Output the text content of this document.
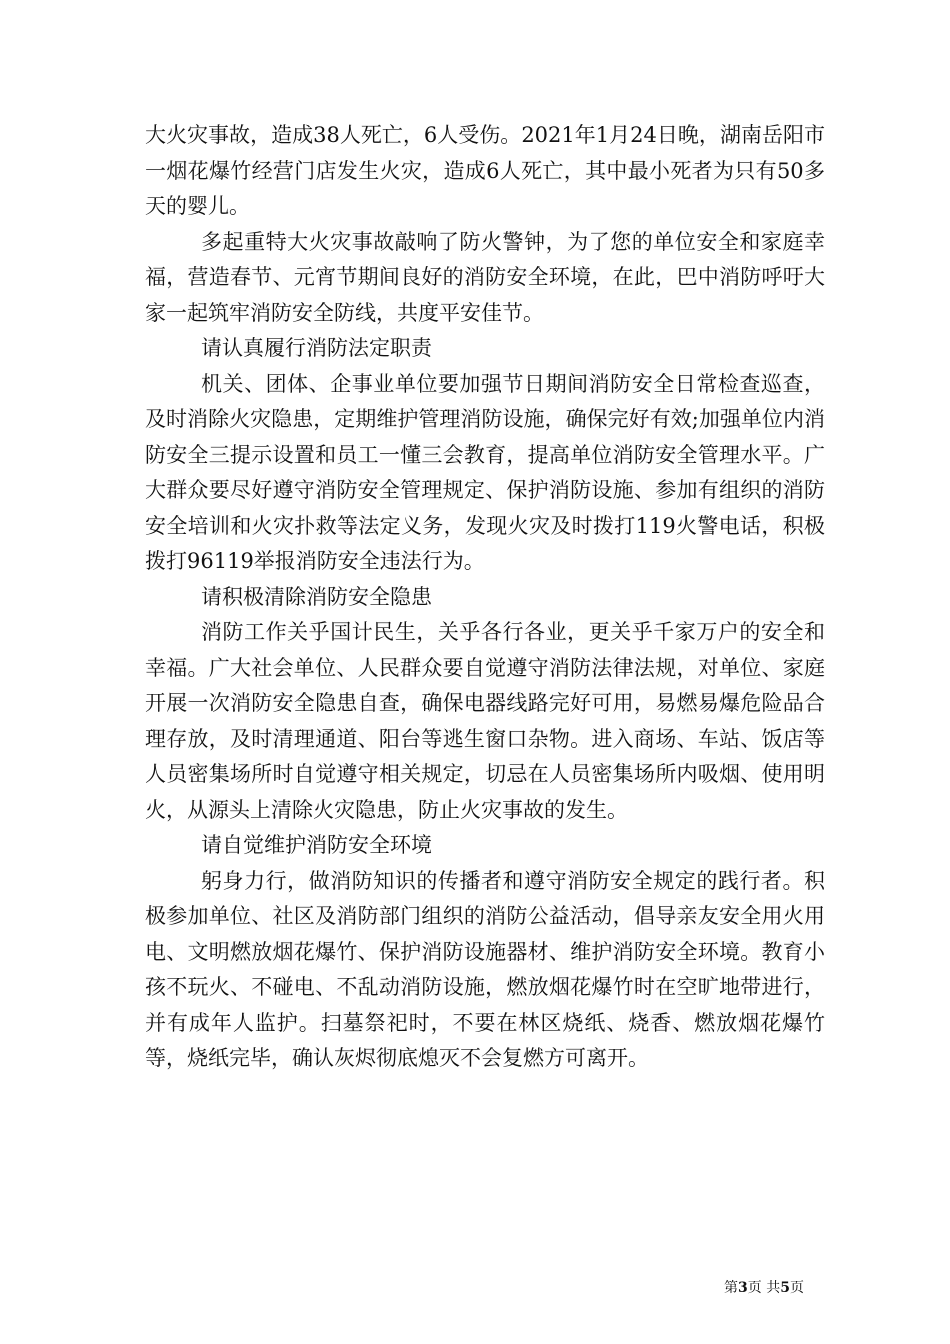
大火灾事故，造成38人死亡，6人受伤。2021年1月24日晚，湖南岳阳市一烟花爆竹经营门店发生火灾，造成6人死亡，其中最小死者为只有50多天的婴儿。

多起重特大火灾事故敲响了防火警钟，为了您的单位安全和家庭幸福，营造春节、元宵节期间良好的消防安全环境，在此，巴中消防呼吁大家一起筑牢消防安全防线，共度平安佳节。

请认真履行消防法定职责

机关、团体、企事业单位要加强节日期间消防安全日常检查巡查，及时消除火灾隐患，定期维护管理消防设施，确保完好有效;加强单位内消防安全三提示设置和员工一懂三会教育，提高单位消防安全管理水平。广大群众要尽好遵守消防安全管理规定、保护消防设施、参加有组织的消防安全培训和火灾扑救等法定义务，发现火灾及时拨打119火警电话，积极拨打96119举报消防安全违法行为。

请积极清除消防安全隐患

消防工作关乎国计民生，关乎各行各业，更关乎千家万户的安全和幸福。广大社会单位、人民群众要自觉遵守消防法律法规，对单位、家庭开展一次消防安全隐患自查，确保电器线路完好可用，易燃易爆危险品合理存放，及时清理通道、阳台等逃生窗口杂物。进入商场、车站、饭店等人员密集场所时自觉遵守相关规定，切忌在人员密集场所内吸烟、使用明火，从源头上清除火灾隐患，防止火灾事故的发生。

请自觉维护消防安全环境

躬身力行，做消防知识的传播者和遵守消防安全规定的践行者。积极参加单位、社区及消防部门组织的消防公益活动，倡导亲友安全用火用电、文明燃放烟花爆竹、保护消防设施器材、维护消防安全环境。教育小孩不玩火、不碰电、不乱动消防设施，燃放烟花爆竹时在空旷地带进行，并有成年人监护。扫墓祭祀时，不要在林区烧纸、烧香、燃放烟花爆竹等，烧纸完毕，确认灰烬彻底熄灭不会复燃方可离开。

第3页 共5页
